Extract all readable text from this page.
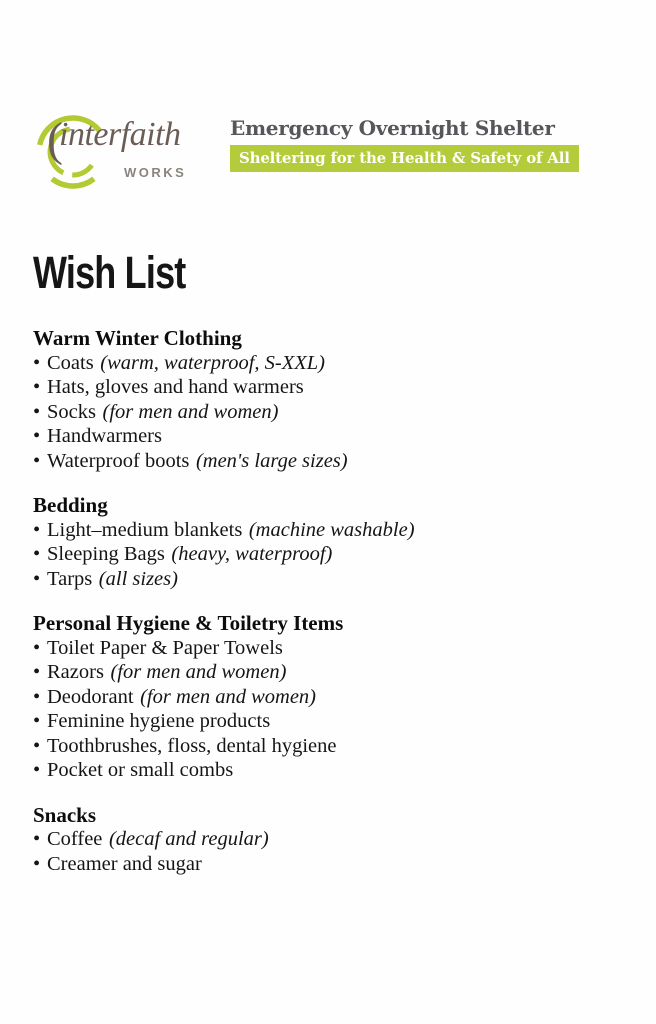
(
interfaith
WORKS
Emergency Overnight Shelter
Sheltering for the Health & Safety of All
Wish List
Warm Winter Clothing
• Coats (warm, waterproof, S-XXL)
• Hats, gloves and hand warmers
• Socks (for men and women)
• Handwarmers
• Waterproof boots (men's large sizes)
Bedding
• Light–medium blankets (machine washable)
• Sleeping Bags (heavy, waterproof)
• Tarps (all sizes)
Personal Hygiene & Toiletry Items
• Toilet Paper & Paper Towels
• Razors (for men and women)
• Deodorant (for men and women)
• Feminine hygiene products
• Toothbrushes, floss, dental hygiene
• Pocket or small combs
Snacks
• Coffee (decaf and regular)
• Creamer and sugar
